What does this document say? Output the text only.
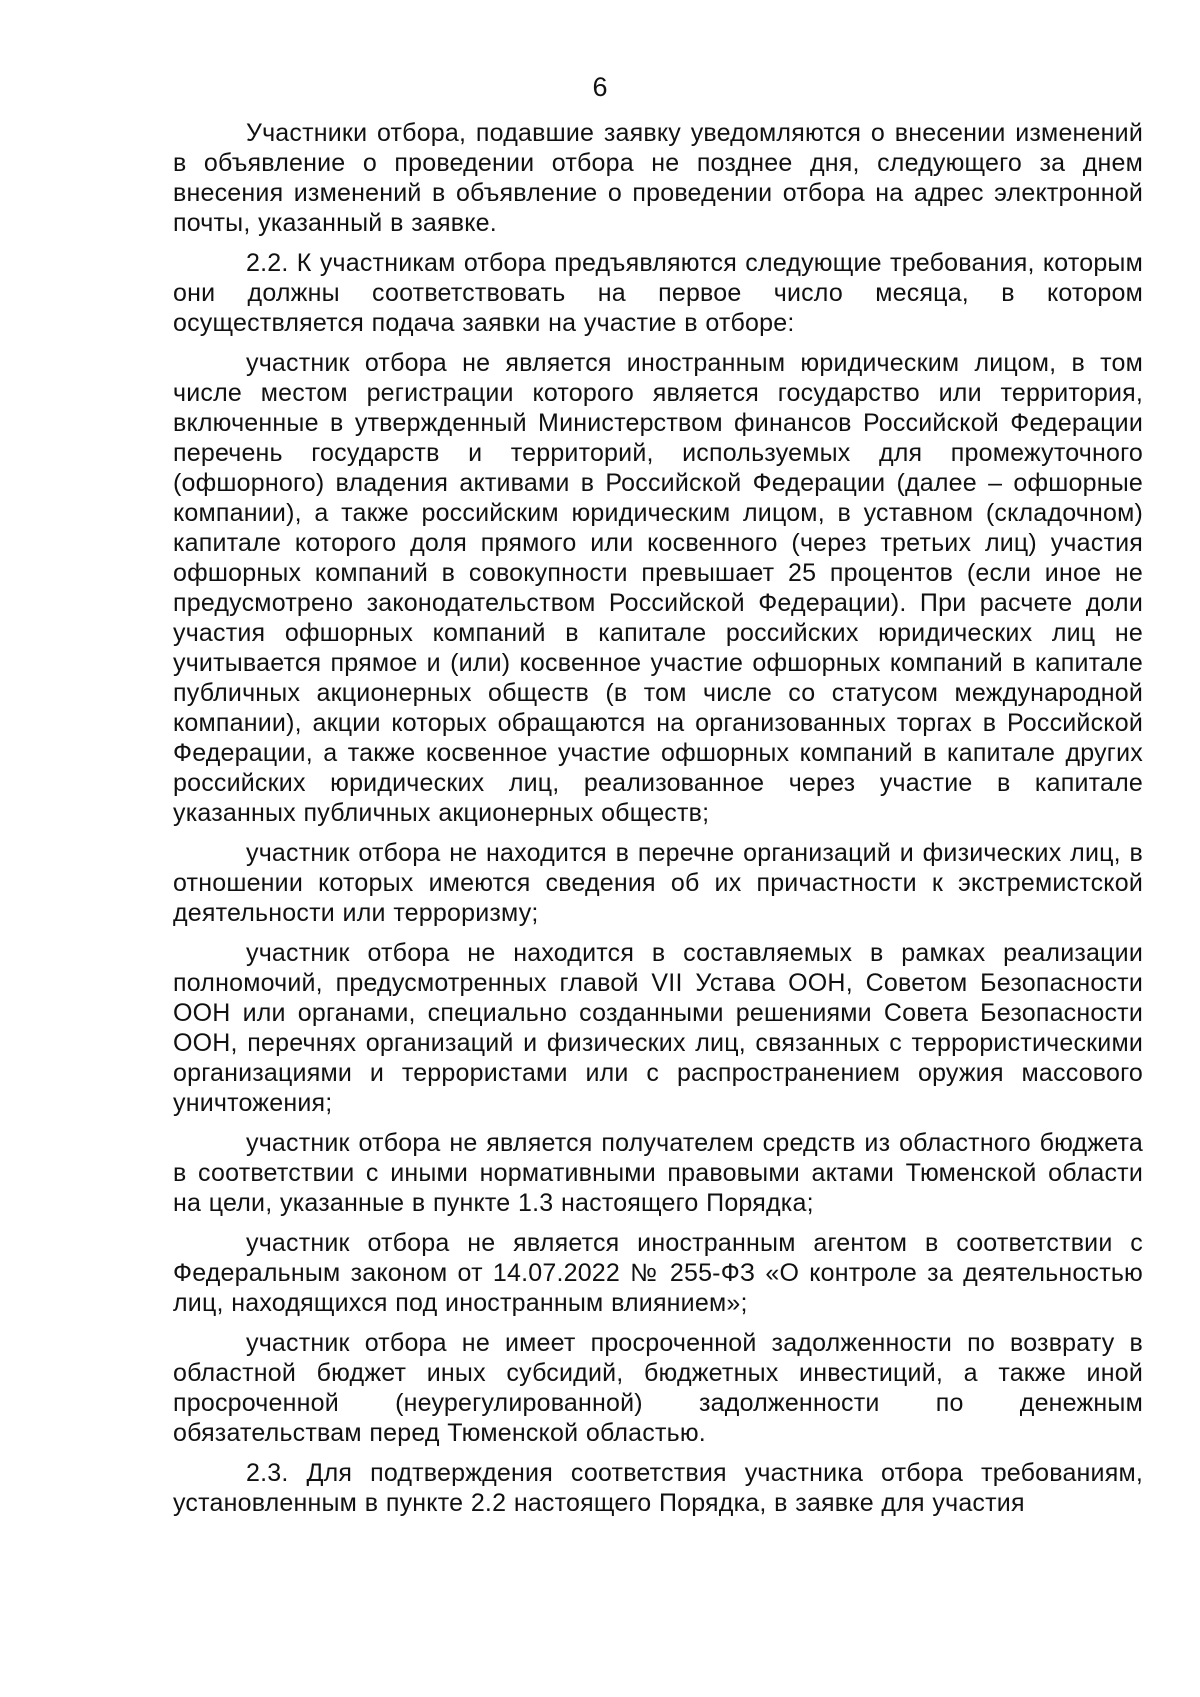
6

Участники отбора, подавшие заявку уведомляются о внесении изменений в объявление о проведении отбора не позднее дня, следующего за днем внесения изменений в объявление о проведении отбора на адрес электронной почты, указанный в заявке.

2.2. К участникам отбора предъявляются следующие требования, которым они должны соответствовать на первое число месяца, в котором осуществляется подача заявки на участие в отборе:

участник отбора не является иностранным юридическим лицом, в том числе местом регистрации которого является государство или территория, включенные в утвержденный Министерством финансов Российской Федерации перечень государств и территорий, используемых для промежуточного (офшорного) владения активами в Российской Федерации (далее – офшорные компании), а также российским юридическим лицом, в уставном (складочном) капитале которого доля прямого или косвенного (через третьих лиц) участия офшорных компаний в совокупности превышает 25 процентов (если иное не предусмотрено законодательством Российской Федерации). При расчете доли участия офшорных компаний в капитале российских юридических лиц не учитывается прямое и (или) косвенное участие офшорных компаний в капитале публичных акционерных обществ (в том числе со статусом международной компании), акции которых обращаются на организованных торгах в Российской Федерации, а также косвенное участие офшорных компаний в капитале других российских юридических лиц, реализованное через участие в капитале указанных публичных акционерных обществ;

участник отбора не находится в перечне организаций и физических лиц, в отношении которых имеются сведения об их причастности к экстремистской деятельности или терроризму;

участник отбора не находится в составляемых в рамках реализации полномочий, предусмотренных главой VII Устава ООН, Советом Безопасности ООН или органами, специально созданными решениями Совета Безопасности ООН, перечнях организаций и физических лиц, связанных с террористическими организациями и террористами или с распространением оружия массового уничтожения;

участник отбора не является получателем средств из областного бюджета в соответствии с иными нормативными правовыми актами Тюменской области на цели, указанные в пункте 1.3 настоящего Порядка;

участник отбора не является иностранным агентом в соответствии с Федеральным законом от 14.07.2022 № 255-ФЗ «О контроле за деятельностью лиц, находящихся под иностранным влиянием»;

участник отбора не имеет просроченной задолженности по возврату в областной бюджет иных субсидий, бюджетных инвестиций, а также иной просроченной (неурегулированной) задолженности по денежным обязательствам перед Тюменской областью.

2.3. Для подтверждения соответствия участника отбора требованиям, установленным в пункте 2.2 настоящего Порядка, в заявке для участия
